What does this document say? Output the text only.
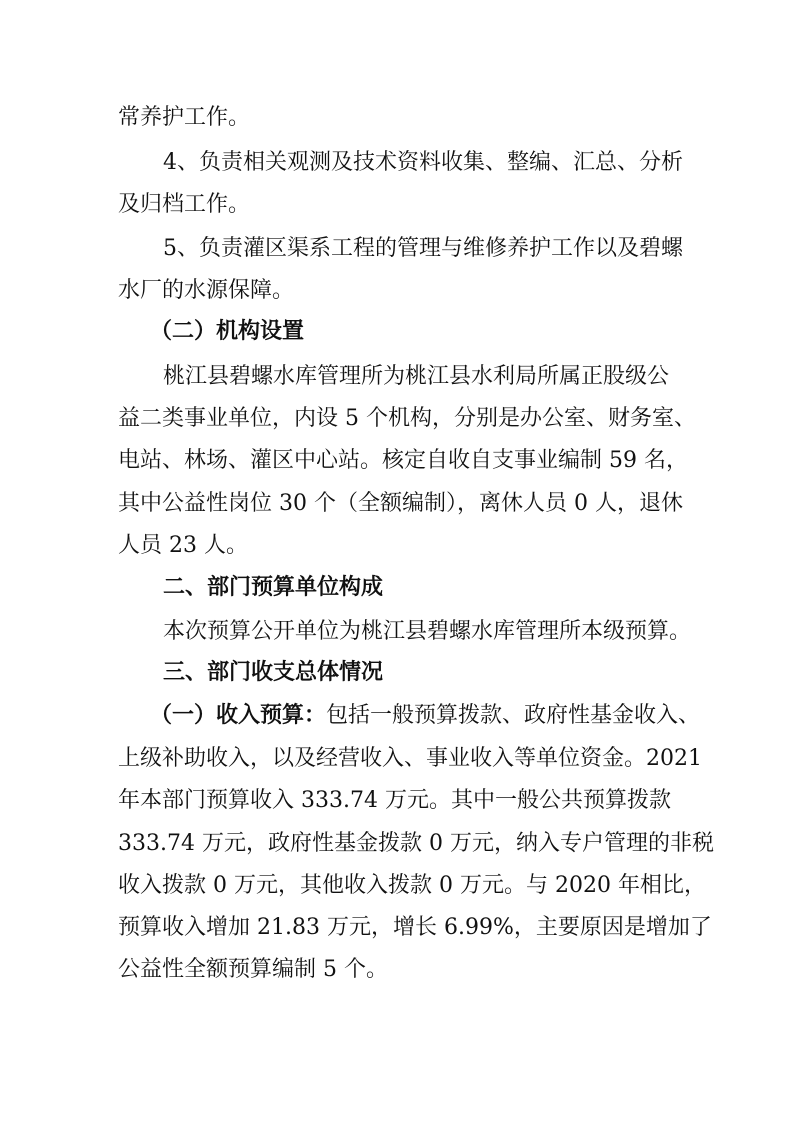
常养护工作。
4、负责相关观测及技术资料收集、整编、汇总、分析
及归档工作。
5、负责灌区渠系工程的管理与维修养护工作以及碧螺
水厂的水源保障。
（二）机构设置
桃江县碧螺水库管理所为桃江县水利局所属正股级公
益二类事业单位，内设 5 个机构，分别是办公室、财务室、
电站、林场、灌区中心站。核定自收自支事业编制 59 名，
其中公益性岗位 30 个（全额编制），离休人员 0 人，退休
人员 23 人。
二、部门预算单位构成
本次预算公开单位为桃江县碧螺水库管理所本级预算。
三、部门收支总体情况
（一）收入预算：包括一般预算拨款、政府性基金收入、
上级补助收入，以及经营收入、事业收入等单位资金。2021
年本部门预算收入 333.74 万元。其中一般公共预算拨款
333.74 万元，政府性基金拨款 0 万元，纳入专户管理的非税
收入拨款 0 万元，其他收入拨款 0 万元。与 2020 年相比，
预算收入增加 21.83 万元，增长 6.99%，主要原因是增加了
公益性全额预算编制 5 个。
